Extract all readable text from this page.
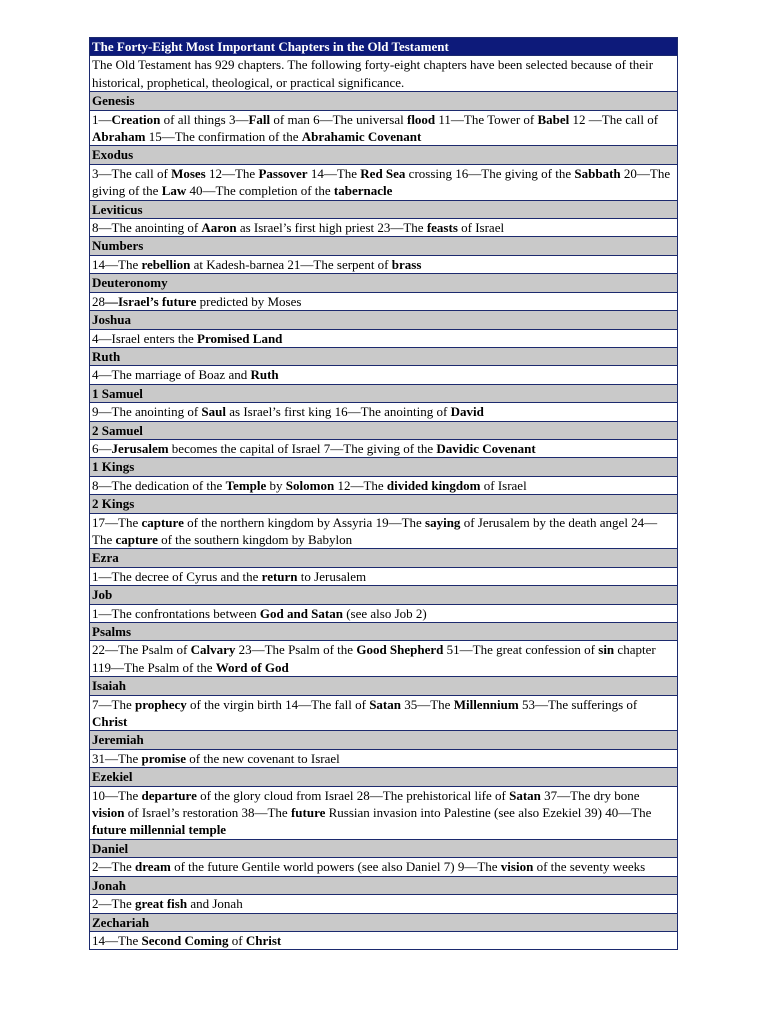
The Forty-Eight Most Important Chapters in the Old Testament
The Old Testament has 929 chapters. The following forty-eight chapters have been selected because of their historical, prophetical, theological, or practical significance.
Genesis
1—Creation of all things 3—Fall of man 6—The universal flood 11—The Tower of Babel 12 —The call of Abraham 15—The confirmation of the Abrahamic Covenant
Exodus
3—The call of Moses 12—The Passover 14—The Red Sea crossing 16—The giving of the Sabbath 20—The giving of the Law 40—The completion of the tabernacle
Leviticus
8—The anointing of Aaron as Israel’s first high priest 23—The feasts of Israel
Numbers
14—The rebellion at Kadesh-barnea 21—The serpent of brass
Deuteronomy
28—Israel’s future predicted by Moses
Joshua
4—Israel enters the Promised Land
Ruth
4—The marriage of Boaz and Ruth
1 Samuel
9—The anointing of Saul as Israel’s first king 16—The anointing of David
2 Samuel
6—Jerusalem becomes the capital of Israel 7—The giving of the Davidic Covenant
1 Kings
8—The dedication of the Temple by Solomon 12—The divided kingdom of Israel
2 Kings
17—The capture of the northern kingdom by Assyria 19—The saying of Jerusalem by the death angel 24—The capture of the southern kingdom by Babylon
Ezra
1—The decree of Cyrus and the return to Jerusalem
Job
1—The confrontations between God and Satan (see also Job 2)
Psalms
22—The Psalm of Calvary 23—The Psalm of the Good Shepherd 51—The great confession of sin chapter 119—The Psalm of the Word of God
Isaiah
7—The prophecy of the virgin birth 14—The fall of Satan 35—The Millennium 53—The sufferings of Christ
Jeremiah
31—The promise of the new covenant to Israel
Ezekiel
10—The departure of the glory cloud from Israel 28—The prehistorical life of Satan 37—The dry bone vision of Israel’s restoration 38—The future Russian invasion into Palestine (see also Ezekiel 39) 40—The future millennial temple
Daniel
2—The dream of the future Gentile world powers (see also Daniel 7) 9—The vision of the seventy weeks
Jonah
2—The great fish and Jonah
Zechariah
14—The Second Coming of Christ
